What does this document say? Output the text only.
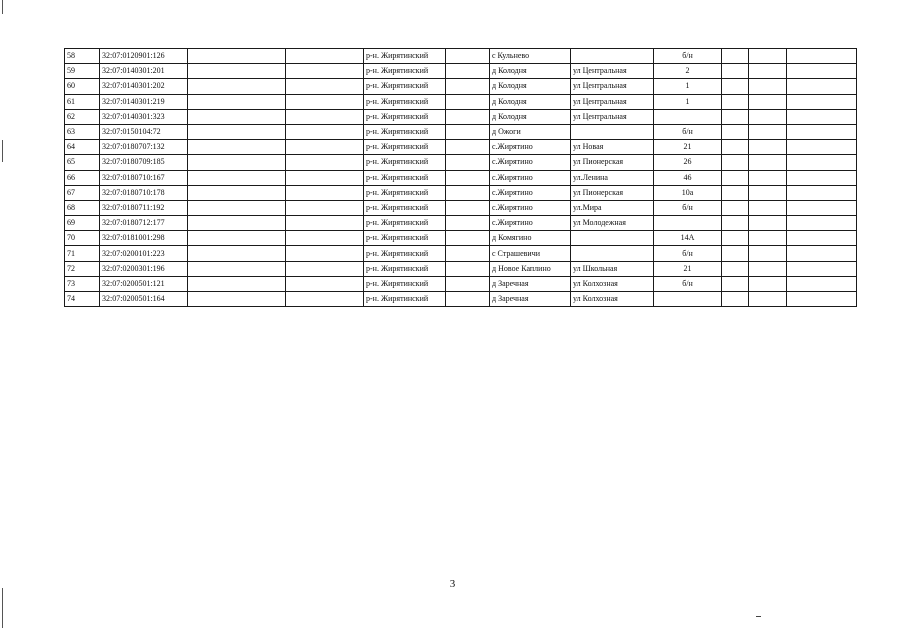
58	32:07:0120901:126			р-н. Жирятинский		с Кульнево		б/н			
59	32:07:0140301:201			р-н. Жирятинский		д Колодня	ул Центральная	2			
60	32:07:0140301:202			р-н. Жирятинский		д Колодня	ул Центральная	1			
61	32:07:0140301:219			р-н. Жирятинский		д Колодня	ул Центральная	1			
62	32:07:0140301:323			р-н. Жирятинский		д Колодня	ул Центральная				
63	32:07:0150104:72			р-н. Жирятинский		д Ожоги		б/н			
64	32:07:0180707:132			р-н. Жирятинский		с.Жирятино	ул Новая	21			
65	32:07:0180709:185			р-н. Жирятинский		с.Жирятино	ул Пионерская	26			
66	32:07:0180710:167			р-н. Жирятинский		с.Жирятино	ул.Ленина	46			
67	32:07:0180710:178			р-н. Жирятинский		с.Жирятино	ул Пионерская	10а			
68	32:07:0180711:192			р-н. Жирятинский		с.Жирятино	ул.Мира	б/н			
69	32:07:0180712:177			р-н. Жирятинский		с.Жирятино	ул Молодежная				
70	32:07:0181001:298			р-н. Жирятинский		д Комягино		14А			
71	32:07:0200101:223			р-н. Жирятинский		с Страшевичи		б/н			
72	32:07:0200301:196			р-н. Жирятинский		д Новое Каплино	ул Школьная	21			
73	32:07:0200501:121			р-н. Жирятинский		д Заречная	ул Колхозная	б/н			
74	32:07:0200501:164			р-н. Жирятинский		д Заречная	ул Колхозная				
3
